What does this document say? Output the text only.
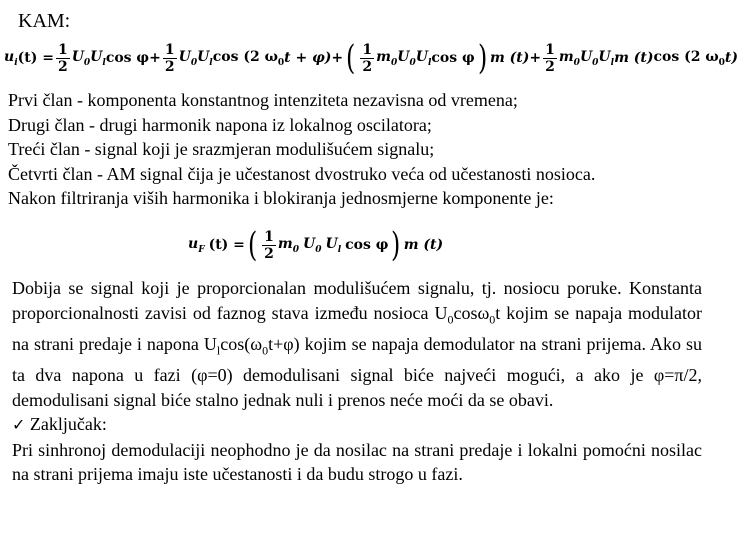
KAM:
$u_i$ $(t) = \frac{1}{2} U_0$ $U_l$ $\cos \varphi + \frac{1}{2} U_0$ $U_l$ cos (2 $\omega_0$ t + φ) + ( $\frac{1}{2} m_0$ $U_0$ $U_l$ cos φ ) m $(t) + \frac{1}{2} m_0$ $U_0$ $U_l$ m (t) cos (2 $\omega_0$ t)
Prvi član - komponenta konstantnog intenziteta nezavisna od vremena;
Drugi član - drugi harmonik napona iz lokalnog oscilatora;
Treći član - signal koji je srazmjeran modulišućem signalu;
Četvrti član - AM signal čija je učestanost dvostruko veća od učestanosti nosioca.
Nakon filtriranja viših harmonika i blokiranja jednosmjerne komponente je:
$u_F$ (t) = ( $\frac{1}{2} m_0$ $U_0$ $U_l$ cos φ ) m (t)

Dobija se signal koji je proporcionalan modulišućem signalu, tj. nosiocu poruke. Konstanta proporcionalnosti zavisi od faznog stava između nosioca $U_0\cos\omega_0t$ kojim se napaja modulator na strani predaje i napona $U_l\cos(\omega_0t+\varphi)$ kojim se napaja demodulator na strani prijema. Ako su ta dva napona u fazi (φ=0) demodulisani signal biće najveći mogući, a ako je φ=π/2, demodulisani signal biće stalno jednak nuli i prenos neće moći da se obavi.

✓ Zaključak:

Pri sinhronoj demodulaciji neophodno je da nosilac na strani predaje i lokalni pomoćni nosilac na strani prijema imaju iste učestanosti i da budu strogo u fazi.
